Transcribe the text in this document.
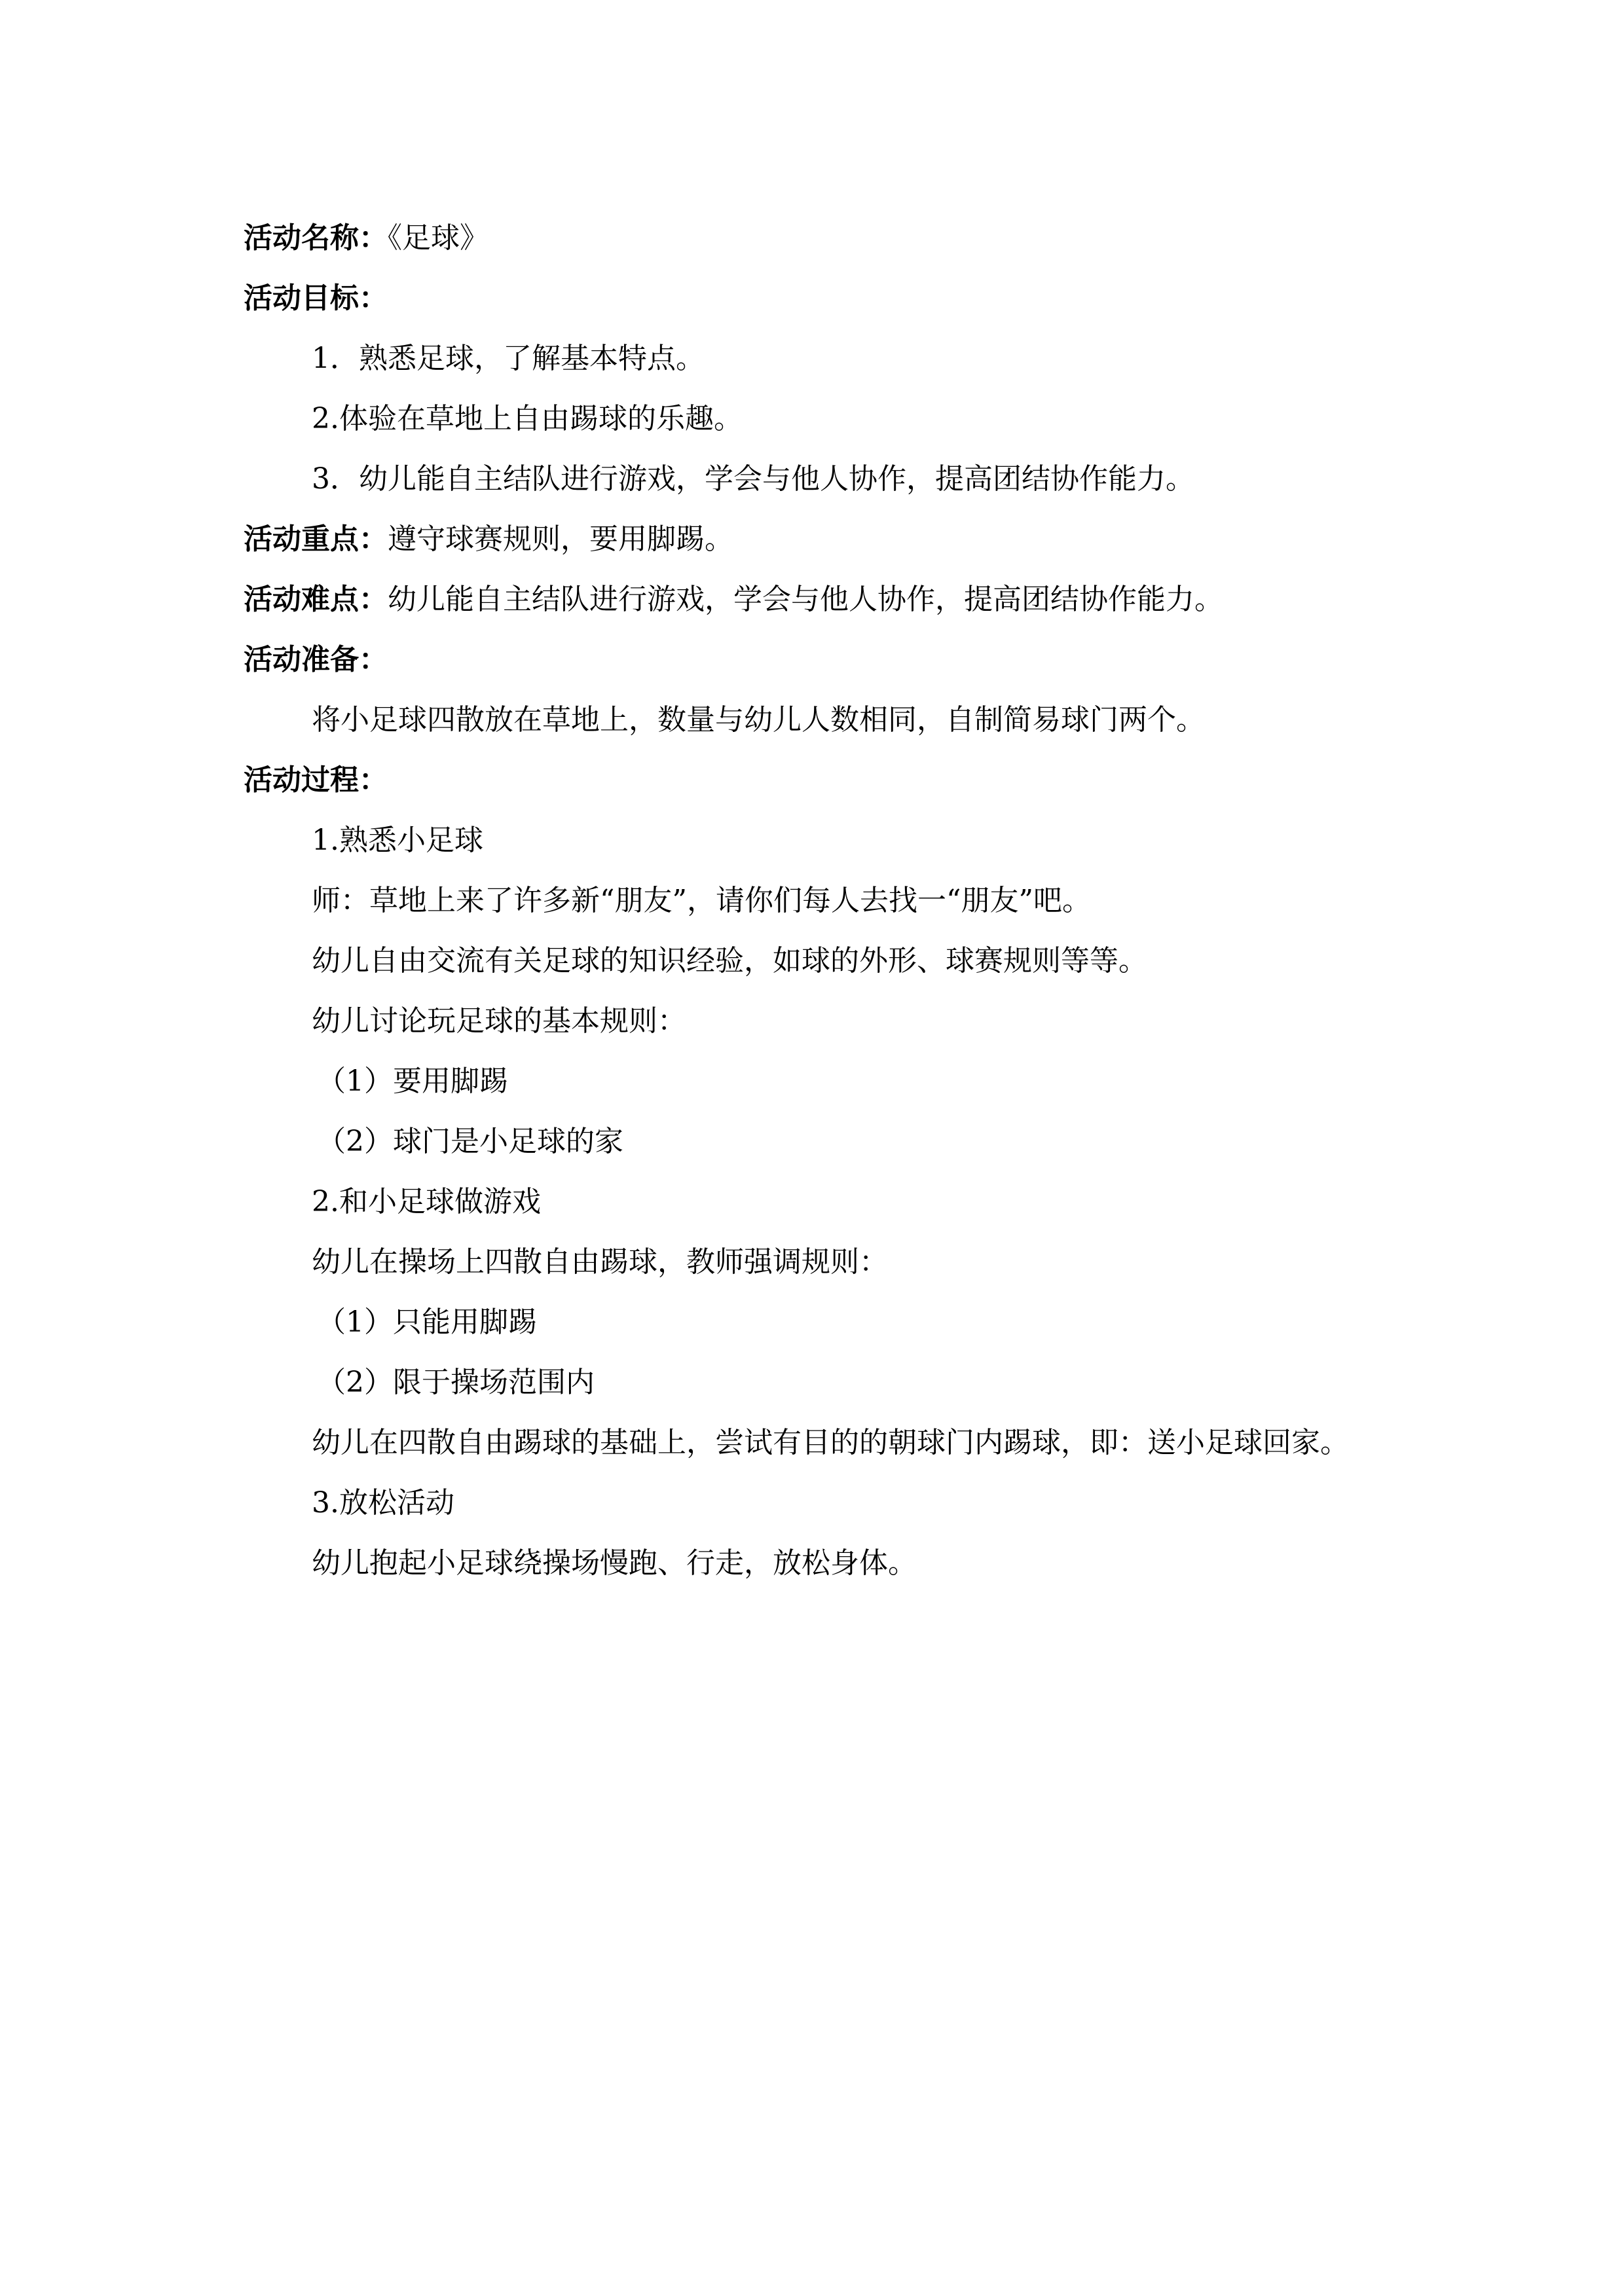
活动名称：《足球》

活动目标：

1．熟悉足球，了解基本特点。

2.体验在草地上自由踢球的乐趣。

3．幼儿能自主结队进行游戏，学会与他人协作，提高团结协作能力。

活动重点：遵守球赛规则，要用脚踢。

活动难点：幼儿能自主结队进行游戏，学会与他人协作，提高团结协作能力。

活动准备：

将小足球四散放在草地上，数量与幼儿人数相同，自制简易球门两个。

活动过程：

1.熟悉小足球

师：草地上来了许多新“朋友”，请你们每人去找一“朋友”吧。

幼儿自由交流有关足球的知识经验，如球的外形、球赛规则等等。

幼儿讨论玩足球的基本规则：

（1）要用脚踢

（2）球门是小足球的家

2.和小足球做游戏

幼儿在操场上四散自由踢球，教师强调规则：

（1）只能用脚踢

（2）限于操场范围内

幼儿在四散自由踢球的基础上，尝试有目的的朝球门内踢球，即：送小足球回家。

3.放松活动

幼儿抱起小足球绕操场慢跑、行走，放松身体。
